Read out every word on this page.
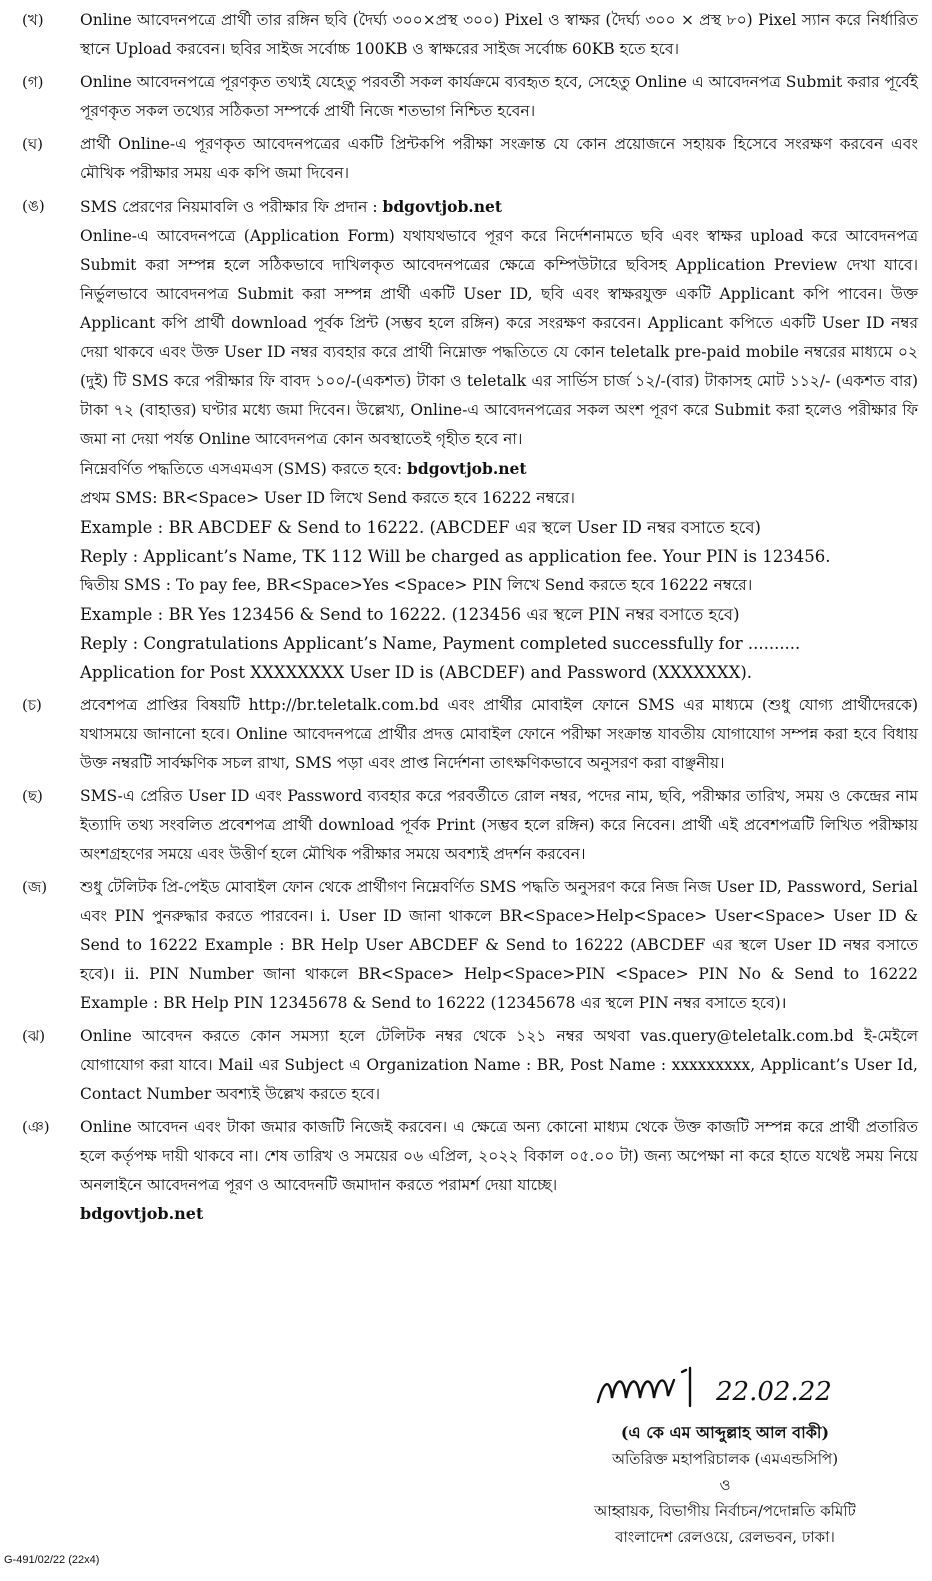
(খ)	Online আবেদনপত্রে প্রার্থী তার রঙ্গিন ছবি (দৈর্ঘ্য ৩০০×প্রস্থ ৩০০) Pixel ও স্বাক্ষর (দৈর্ঘ্য ৩০০ × প্রস্থ ৮০) Pixel স্যান করে নির্ধারিত স্থানে Upload করবেন। ছবির সাইজ সর্বোচ্চ 100KB ও স্বাক্ষরের সাইজ সর্বোচ্চ 60KB হতে হবে।

(গ)	Online আবেদনপত্রে পূরণকৃত তথ্যই যেহেতু পরবর্তী সকল কার্যক্রমে ব্যবহৃত হবে, সেহেতু Online এ আবেদনপত্র Submit করার পূর্বেই পূরণকৃত সকল তথ্যের সঠিকতা সম্পর্কে প্রার্থী নিজে শতভাগ নিশ্চিত হবেন।

(ঘ)	প্রার্থী Online-এ পূরণকৃত আবেদনপত্রের একটি প্রিন্টকপি পরীক্ষা সংক্রান্ত যে কোন প্রয়োজনে সহায়ক হিসেবে সংরক্ষণ করবেন এবং মৌখিক পরীক্ষার সময় এক কপি জমা দিবেন।

(ঙ)	SMS প্রেরণের নিয়মাবলি ও পরীক্ষার ফি প্রদান : bdgovtjob.net

Online-এ আবেদনপত্রে (Application Form) যথাযথভাবে পূরণ করে নির্দেশনামতে ছবি এবং স্বাক্ষর upload করে আবেদনপত্র Submit করা সম্পন্ন হলে সঠিকভাবে দাখিলকৃত আবেদনপত্রের ক্ষেত্রে কম্পিউটারে ছবিসহ Application Preview দেখা যাবে। নির্ভুলভাবে আবেদনপত্র Submit করা সম্পন্ন প্রার্থী একটি User ID, ছবি এবং স্বাক্ষরযুক্ত একটি Applicant কপি পাবেন। উক্ত Applicant কপি প্রার্থী download পূর্বক প্রিন্ট (সম্ভব হলে রঙ্গিন) করে সংরক্ষণ করবেন। Applicant কপিতে একটি User ID নম্বর দেয়া থাকবে এবং উক্ত User ID নম্বর ব্যবহার করে প্রার্থী নিম্নোক্ত পদ্ধতিতে যে কোন teletalk pre-paid mobile নম্বরের মাধ্যমে ০২ (দুই) টি SMS করে পরীক্ষার ফি বাবদ ১০০/-(একশত) টাকা ও teletalk এর সার্ভিস চার্জ ১২/-(বার) টাকাসহ মোট ১১২/- (একশত বার) টাকা ৭২ (বাহাত্তর) ঘণ্টার মধ্যে জমা দিবেন। উল্লেখ্য, Online-এ আবেদনপত্রের সকল অংশ পূরণ করে Submit করা হলেও পরীক্ষার ফি জমা না দেয়া পর্যন্ত Online আবেদনপত্র কোন অবস্থাতেই গৃহীত হবে না।

নিম্নেবর্ণিত পদ্ধতিতে এসএমএস (SMS) করতে হবে: bdgovtjob.net

প্রথম SMS: BR<Space> User ID লিখে Send করতে হবে 16222 নম্বরে।

Example : BR ABCDEF & Send to 16222. (ABCDEF এর স্থলে User ID নম্বর বসাতে হবে)

Reply : Applicant’s Name, TK 112 Will be charged as application fee. Your PIN is 123456.

দ্বিতীয় SMS : To pay fee, BR<Space>Yes <Space> PIN লিখে Send করতে হবে 16222 নম্বরে।

Example : BR Yes 123456 & Send to 16222. (123456 এর স্থলে PIN নম্বর বসাতে হবে)

Reply : Congratulations Applicant’s Name, Payment completed successfully for ..........

Application for Post XXXXXXXX User ID is (ABCDEF) and Password (XXXXXXX).

(চ)	প্রবেশপত্র প্রাপ্তির বিষয়টি http://br.teletalk.com.bd এবং প্রার্থীর মোবাইল ফোনে SMS এর মাধ্যমে (শুধু যোগ্য প্রার্থীদেরকে) যথাসময়ে জানানো হবে। Online আবেদনপত্রে প্রার্থীর প্রদত্ত মোবাইল ফোনে পরীক্ষা সংক্রান্ত যাবতীয় যোগাযোগ সম্পন্ন করা হবে বিধায় উক্ত নম্বরটি সার্বক্ষণিক সচল রাখা, SMS পড়া এবং প্রাপ্ত নির্দেশনা তাৎক্ষণিকভাবে অনুসরণ করা বাঞ্ছনীয়।

(ছ)	SMS-এ প্রেরিত User ID এবং Password ব্যবহার করে পরবর্তীতে রোল নম্বর, পদের নাম, ছবি, পরীক্ষার তারিখ, সময় ও কেন্দ্রের নাম ইত্যাদি তথ্য সংবলিত প্রবেশপত্র প্রার্থী download পূর্বক Print (সম্ভব হলে রঙ্গিন) করে নিবেন। প্রার্থী এই প্রবেশপত্রটি লিখিত পরীক্ষায় অংশগ্রহণের সময়ে এবং উত্তীর্ণ হলে মৌখিক পরীক্ষার সময়ে অবশ্যই প্রদর্শন করবেন।

(জ)	শুধু টেলিটক প্রি-পেইড মোবাইল ফোন থেকে প্রার্থীগণ নিম্নেবর্ণিত SMS পদ্ধতি অনুসরণ করে নিজ নিজ User ID, Password, Serial এবং PIN পুনরুদ্ধার করতে পারবেন। i. User ID জানা থাকলে BR<Space>Help<Space> User<Space> User ID & Send to 16222 Example : BR Help User ABCDEF & Send to 16222 (ABCDEF এর স্থলে User ID নম্বর বসাতে হবে)। ii. PIN Number জানা থাকলে BR<Space> Help<Space>PIN <Space> PIN No & Send to 16222 Example : BR Help PIN 12345678 & Send to 16222 (12345678 এর স্থলে PIN নম্বর বসাতে হবে)।

(ঝ)	Online আবেদন করতে কোন সমস্যা হলে টেলিটক নম্বর থেকে ১২১ নম্বর অথবা vas.query@teletalk.com.bd ই-মেইলে যোগাযোগ করা যাবে। Mail এর Subject এ Organization Name : BR, Post Name : xxxxxxxxx, Applicant’s User Id, Contact Number অবশ্যই উল্লেখ করতে হবে।

(ঞ)	Online আবেদন এবং টাকা জমার কাজটি নিজেই করবেন। এ ক্ষেত্রে অন্য কোনো মাধ্যম থেকে উক্ত কাজটি সম্পন্ন করে প্রার্থী প্রতারিত হলে কর্তৃপক্ষ দায়ী থাকবে না। শেষ তারিখ ও সময়ের ০৬ এপ্রিল, ২০২২ বিকাল ০৫.০০ টা) জন্য অপেক্ষা না করে হাতে যথেষ্ট সময় নিয়ে অনলাইনে আবেদনপত্র পূরণ ও আবেদনটি জমাদান করতে পরামর্শ দেয়া যাচ্ছে।

bdgovtjob.net
22.02.22
(এ কে এম আব্দুল্লাহ আল বাকী)
অতিরিক্ত মহাপরিচালক (এমএন্ডসিপি)
ও
আহ্বায়ক, বিভাগীয় নির্বাচন/পদোন্নতি কমিটি
বাংলাদেশ রেলওয়ে, রেলভবন, ঢাকা।
G-491/02/22 (22x4)
